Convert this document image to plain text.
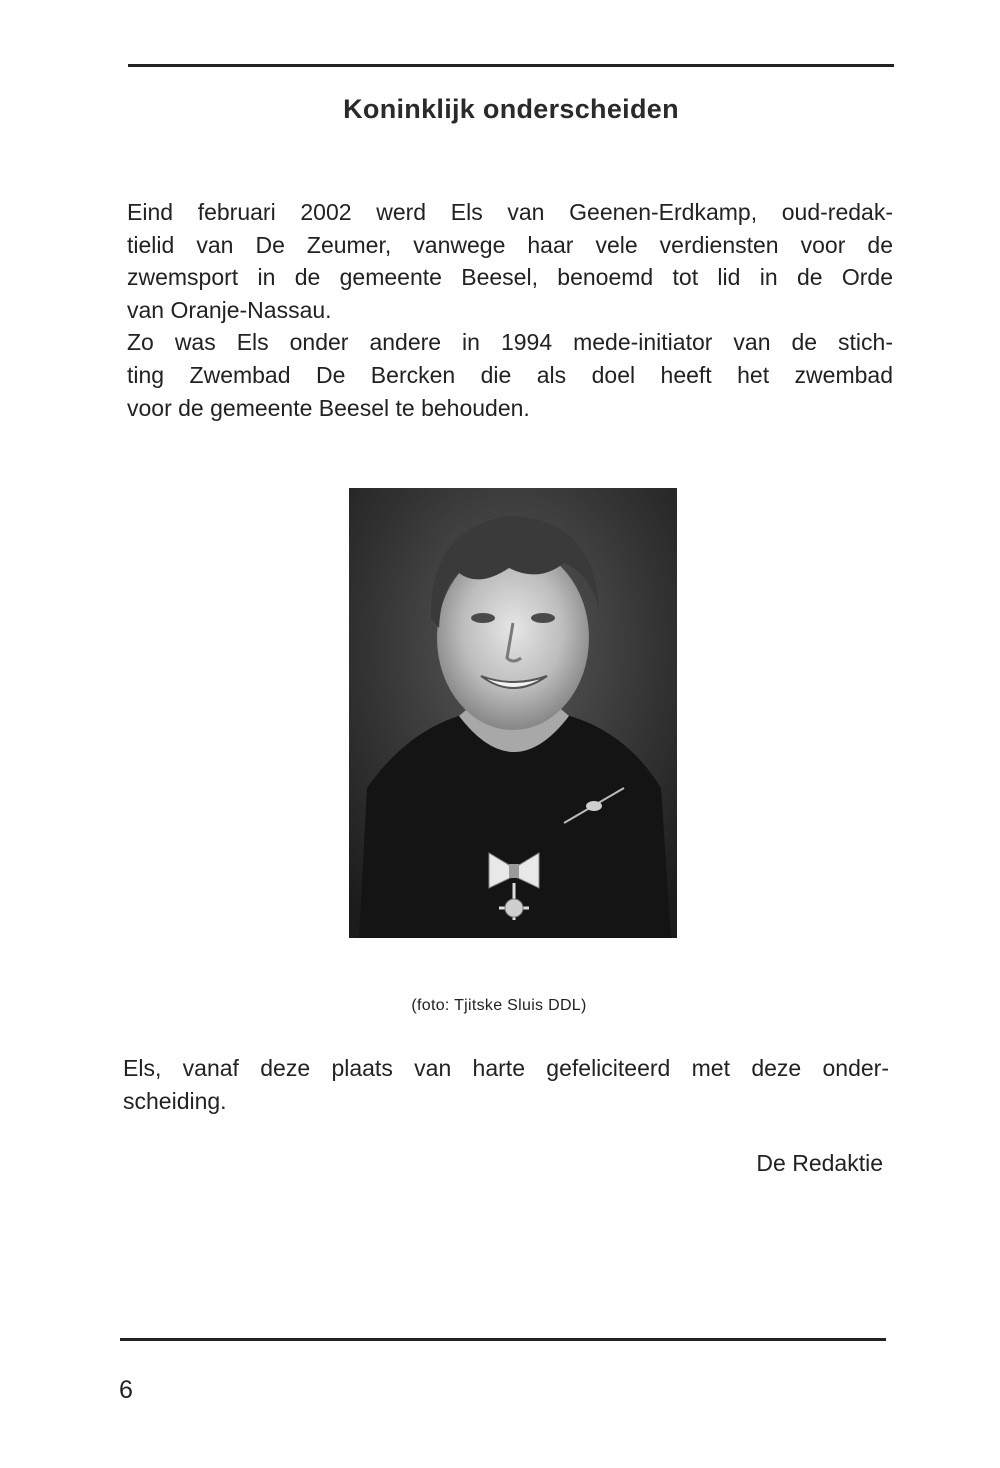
Koninklijk onderscheiden
Eind februari 2002 werd Els van Geenen-Erdkamp, oud-redak-
tielid van De Zeumer, vanwege haar vele verdiensten voor de
zwemsport in de gemeente Beesel, benoemd tot lid in de Orde
van Oranje-Nassau.
Zo was Els onder andere in 1994 mede-initiator van de stich-
ting Zwembad De Bercken die als doel heeft het zwembad
voor de gemeente Beesel te behouden.
(foto: Tjitske Sluis DDL)
Els, vanaf deze plaats van harte gefeliciteerd met deze onder-
scheiding.
De Redaktie
6
